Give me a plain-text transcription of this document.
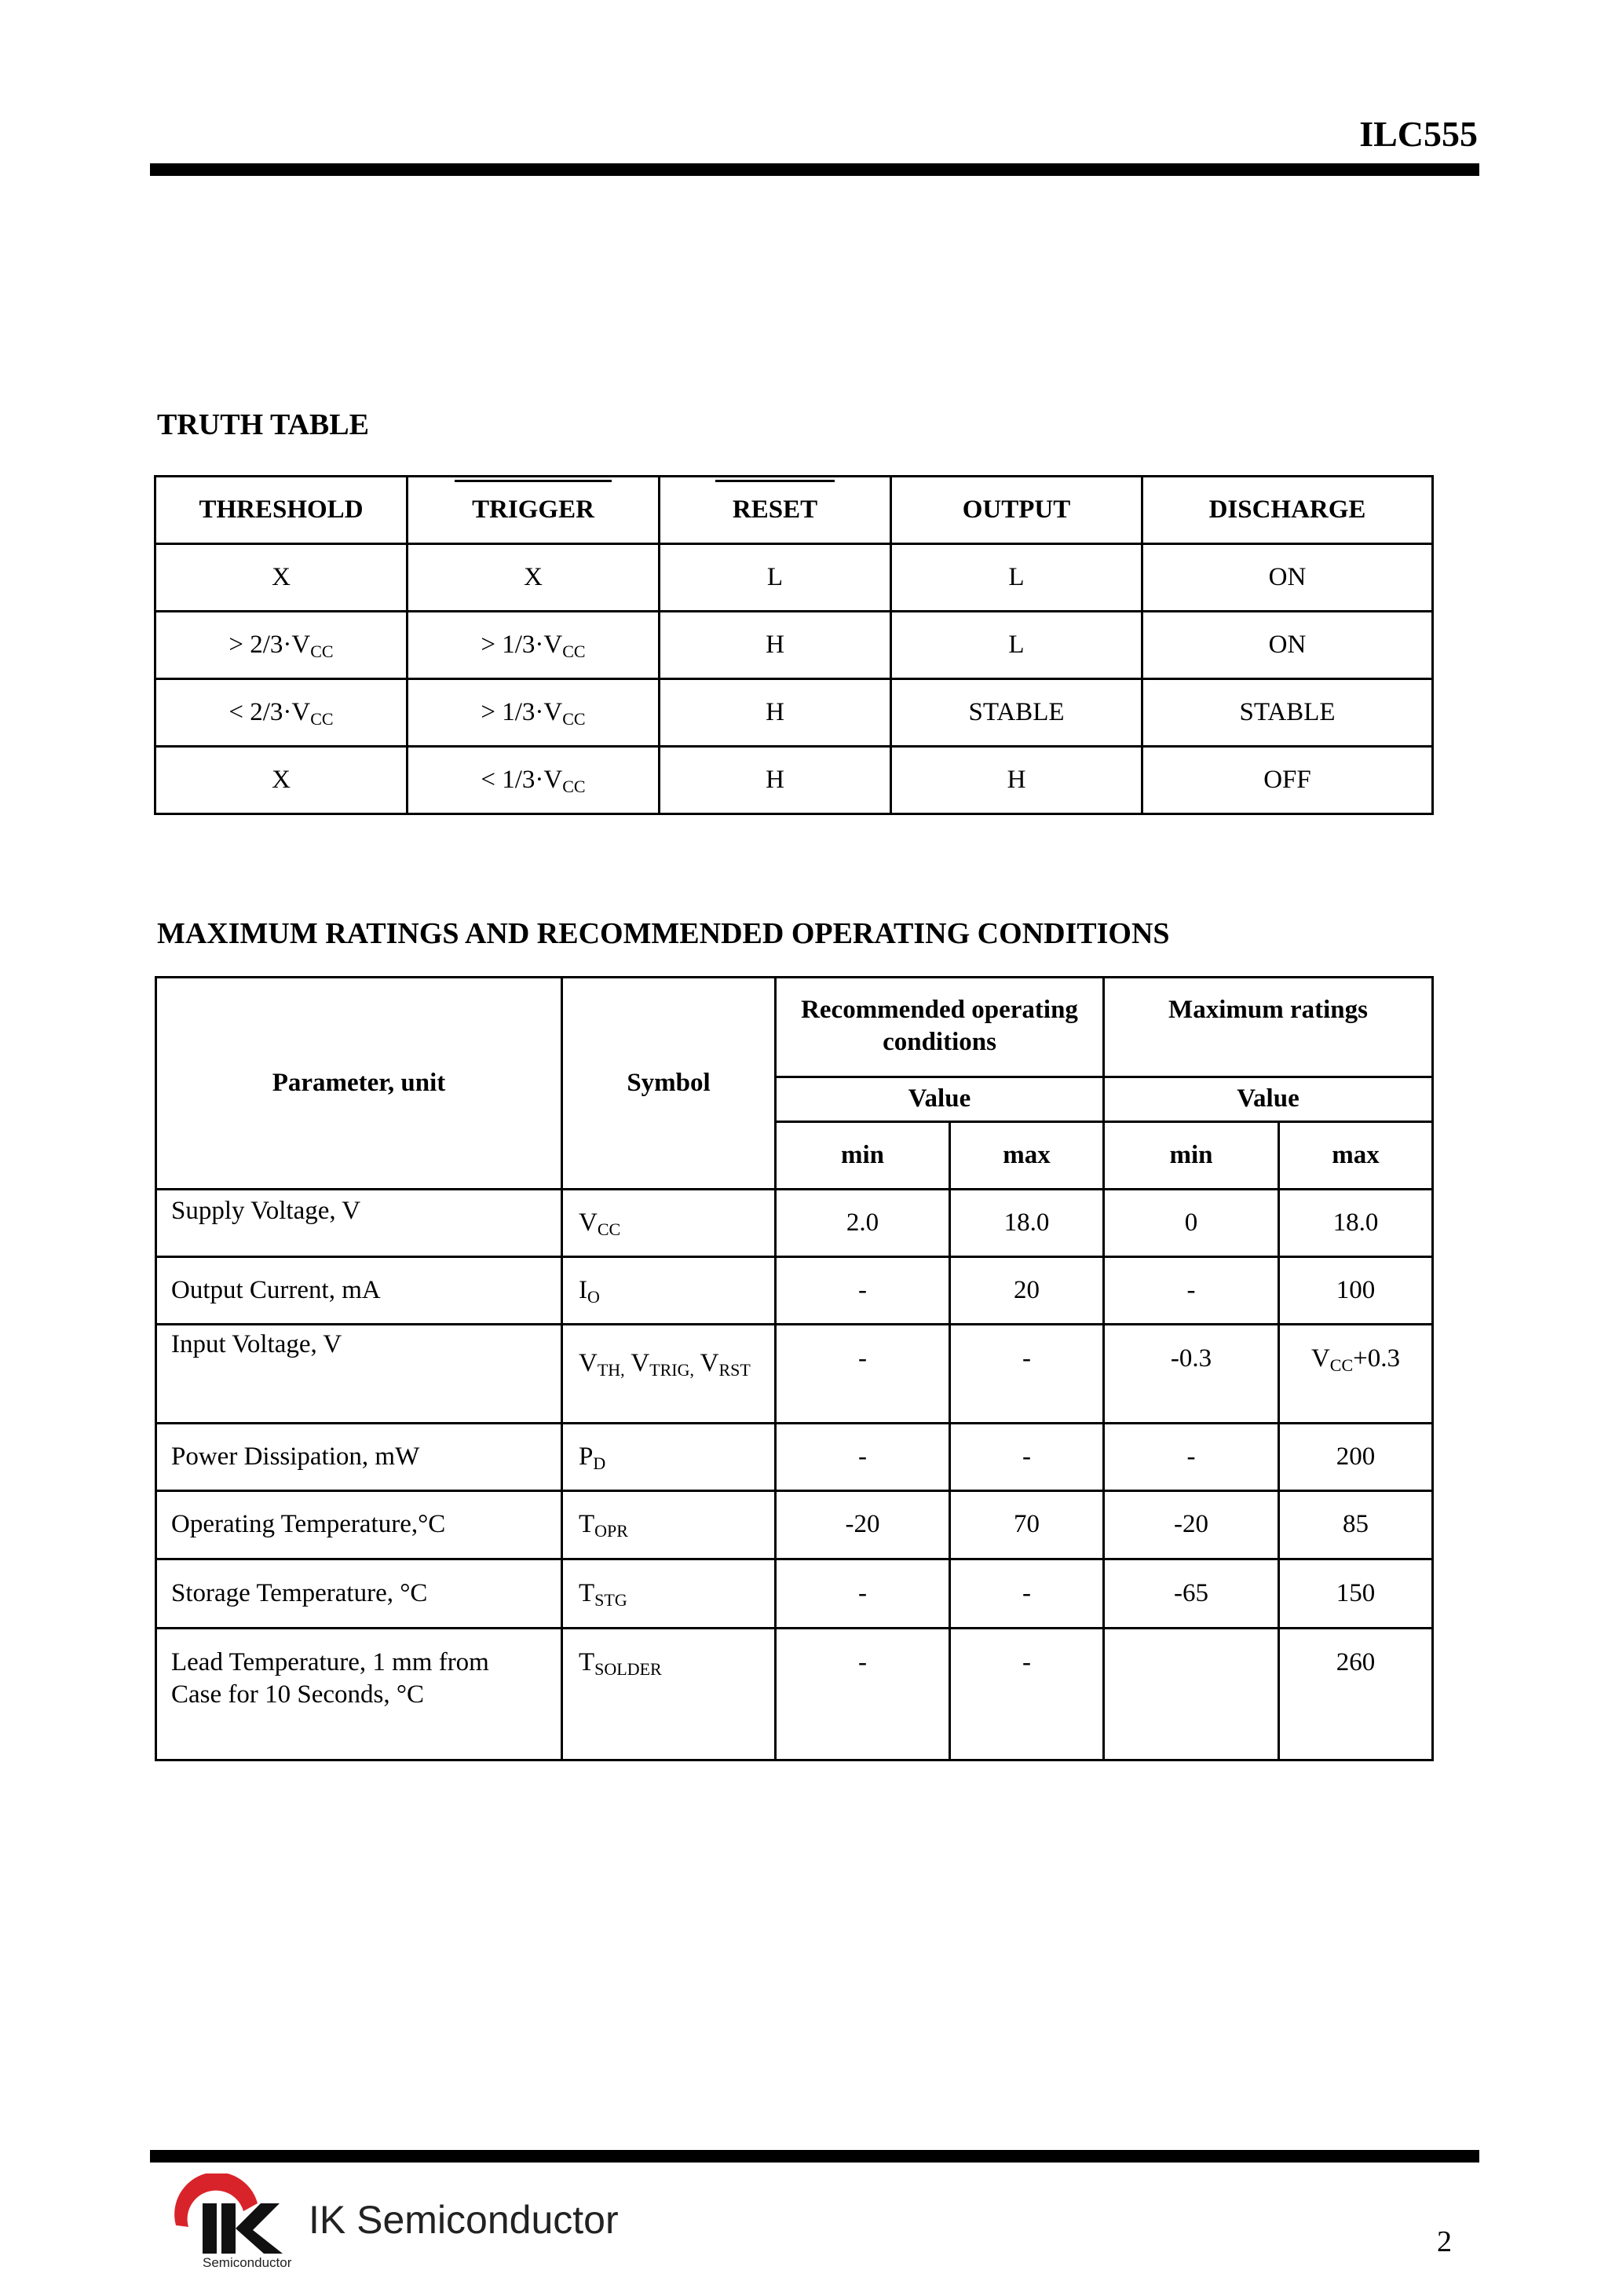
ILC555
TRUTH TABLE
THRESHOLD	TRIGGER	RESET	OUTPUT	DISCHARGE
X	X	L	L	ON
> $2/3\cdot V_{CC}$	> $1/3\cdot V_{CC}$	H	L	ON
< $2/3\cdot V_{CC}$	> $1/3\cdot V_{CC}$	H	STABLE	STABLE
X	< $1/3\cdot V_{CC}$	H	H	OFF
MAXIMUM RATINGS AND RECOMMENDED OPERATING CONDITIONS
Parameter, unit	Symbol	Recommended operating conditions		Maximum ratings	
		Value		Value	
		min	max	min	max
Supply Voltage, V	$V_{CC}$	2.0	18.0	0	18.0
Output Current, mA	$I_O$	-	20	-	100
Input Voltage, V	$V_{TH,}$ $V_{TRIG,}$ $V_{RST}$	-	-	-0.3	$V_{CC}+0.3$
Power Dissipation, mW	$P_D$	-	-	-	200
Operating Temperature,°C	$T_{OPR}$	-20	70	-20	85
Storage Temperature, °C	$T_{STG}$	-	-	-65	150

Lead Temperature, 1 mm from
Case for 10 Seconds, °C	$T_{SOLDER}$	-	-		260
IK Semiconductor
Semiconductor
2
